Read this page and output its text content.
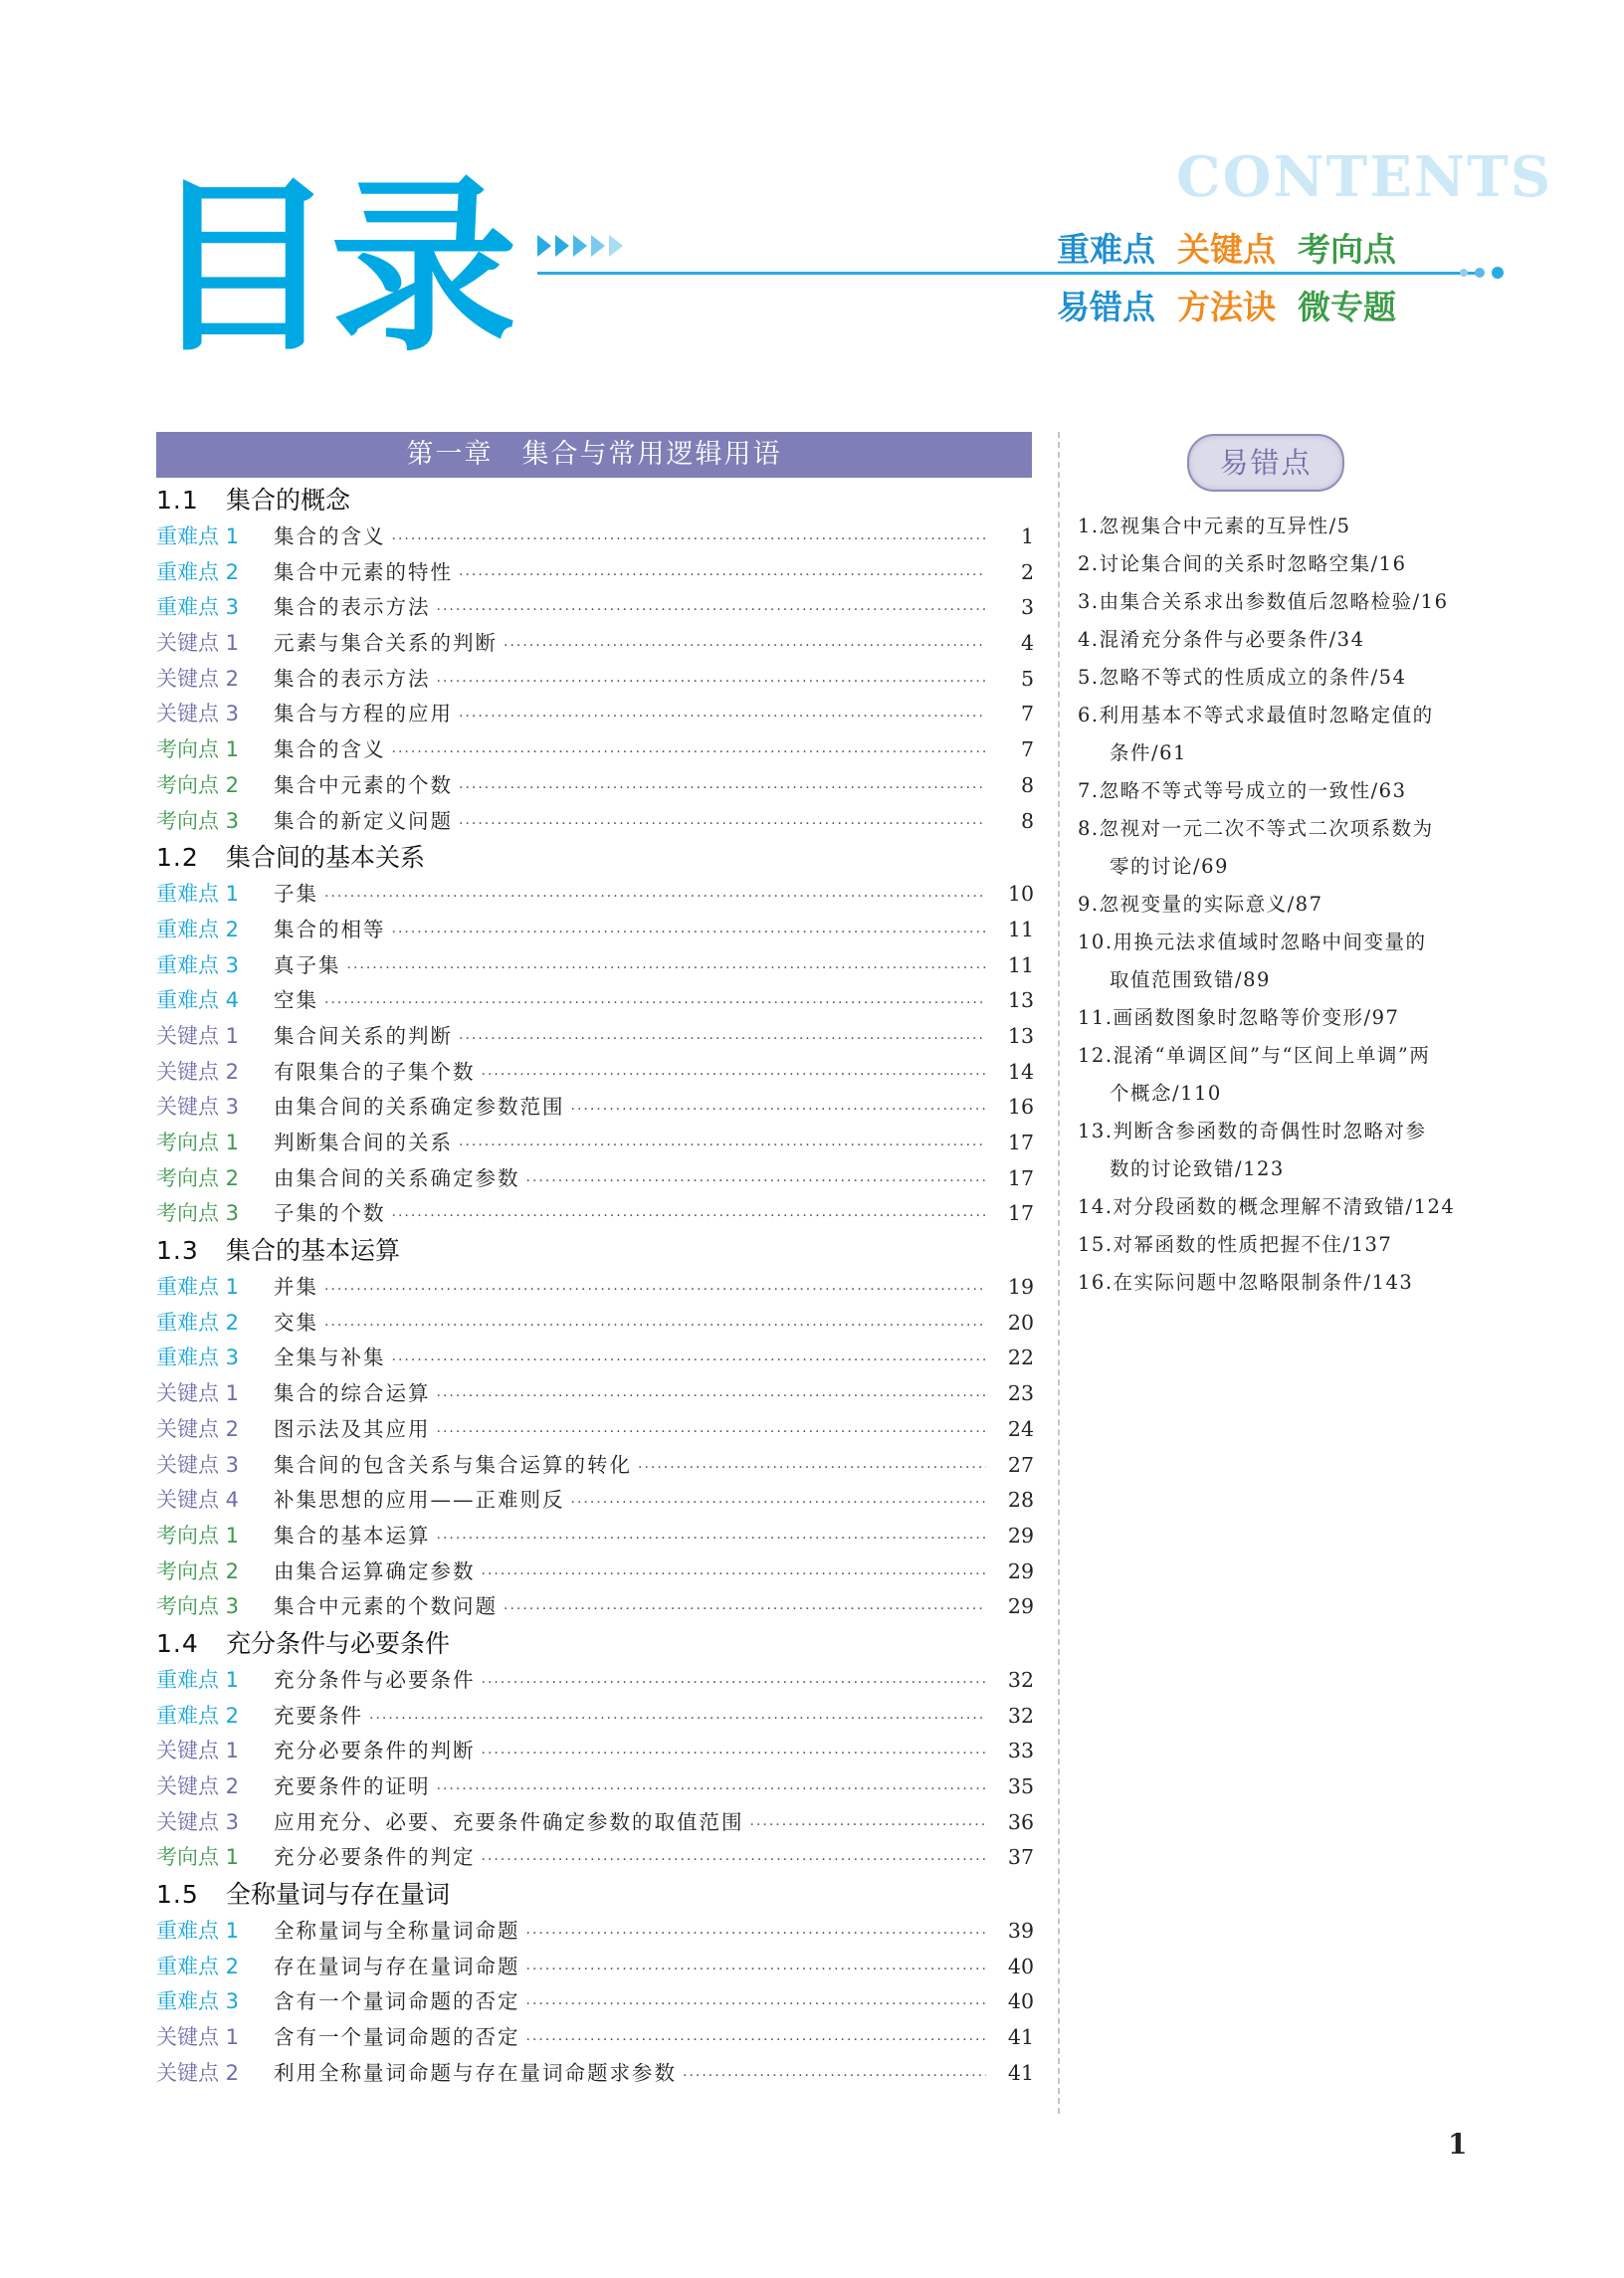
目录	CONTENTS
重难点 关键点 考向点
易错点 方法诀 微专题
第一章　集合与常用逻辑用语
1.1 集合的概念
重难点 1	集合的含义 ·····	1
重难点 2	集合中元素的特性 ·····	2
重难点 3	集合的表示方法 ·····	3
关键点 1	元素与集合关系的判断 ·····	4
关键点 2	集合的表示方法 ·····	5
关键点 3	集合与方程的应用 ·····	7
考向点 1	集合的含义 ·····	7
考向点 2	集合中元素的个数 ·····	8
考向点 3	集合的新定义问题 ·····	8
1.2 集合间的基本关系
重难点 1	子集 ·····	10
重难点 2	集合的相等 ·····	11
重难点 3	真子集 ·····	11
重难点 4	空集 ·····	13
关键点 1	集合间关系的判断 ·····	13
关键点 2	有限集合的子集个数 ·····	14
关键点 3	由集合间的关系确定参数范围 ·····	16
考向点 1	判断集合间的关系 ·····	17
考向点 2	由集合间的关系确定参数 ·····	17
考向点 3	子集的个数 ·····	17
1.3 集合的基本运算
重难点 1	并集 ·····	19
重难点 2	交集 ·····	20
重难点 3	全集与补集 ·····	22
关键点 1	集合的综合运算 ·····	23
关键点 2	图示法及其应用 ·····	24
关键点 3	集合间的包含关系与集合运算的转化 ·····	27
关键点 4	补集思想的应用——正难则反 ·····	28
考向点 1	集合的基本运算 ·····	29
考向点 2	由集合运算确定参数 ·····	29
考向点 3	集合中元素的个数问题 ·····	29
1.4 充分条件与必要条件
重难点 1	充分条件与必要条件 ·····	32
重难点 2	充要条件 ·····	32
关键点 1	充分必要条件的判断 ·····	33
关键点 2	充要条件的证明 ·····	35
关键点 3	应用充分、必要、充要条件确定参数的取值范围 ·····	36
考向点 1	充分必要条件的判定 ·····	37
1.5 全称量词与存在量词
重难点 1	全称量词与全称量词命题 ·····	39
重难点 2	存在量词与存在量词命题 ·····	40
重难点 3	含有一个量词命题的否定 ·····	40
关键点 1	含有一个量词命题的否定 ·····	41
关键点 2	利用全称量词命题与存在量词命题求参数 ·····	41
易错点
1.忽视集合中元素的互异性/5
2.讨论集合间的关系时忽略空集/16
3.由集合关系求出参数值后忽略检验/16
4.混淆充分条件与必要条件/34
5.忽略不等式的性质成立的条件/54
6.利用基本不等式求最值时忽略定值的
条件/61
7.忽略不等式等号成立的一致性/63
8.忽视对一元二次不等式二次项系数为
零的讨论/69
9.忽视变量的实际意义/87
10.用换元法求值域时忽略中间变量的
取值范围致错/89
11.画函数图象时忽略等价变形/97
12.混淆“单调区间”与“区间上单调”两
个概念/110
13.判断含参函数的奇偶性时忽略对参
数的讨论致错/123
14.对分段函数的概念理解不清致错/124
15.对幂函数的性质把握不住/137
16.在实际问题中忽略限制条件/143
1
